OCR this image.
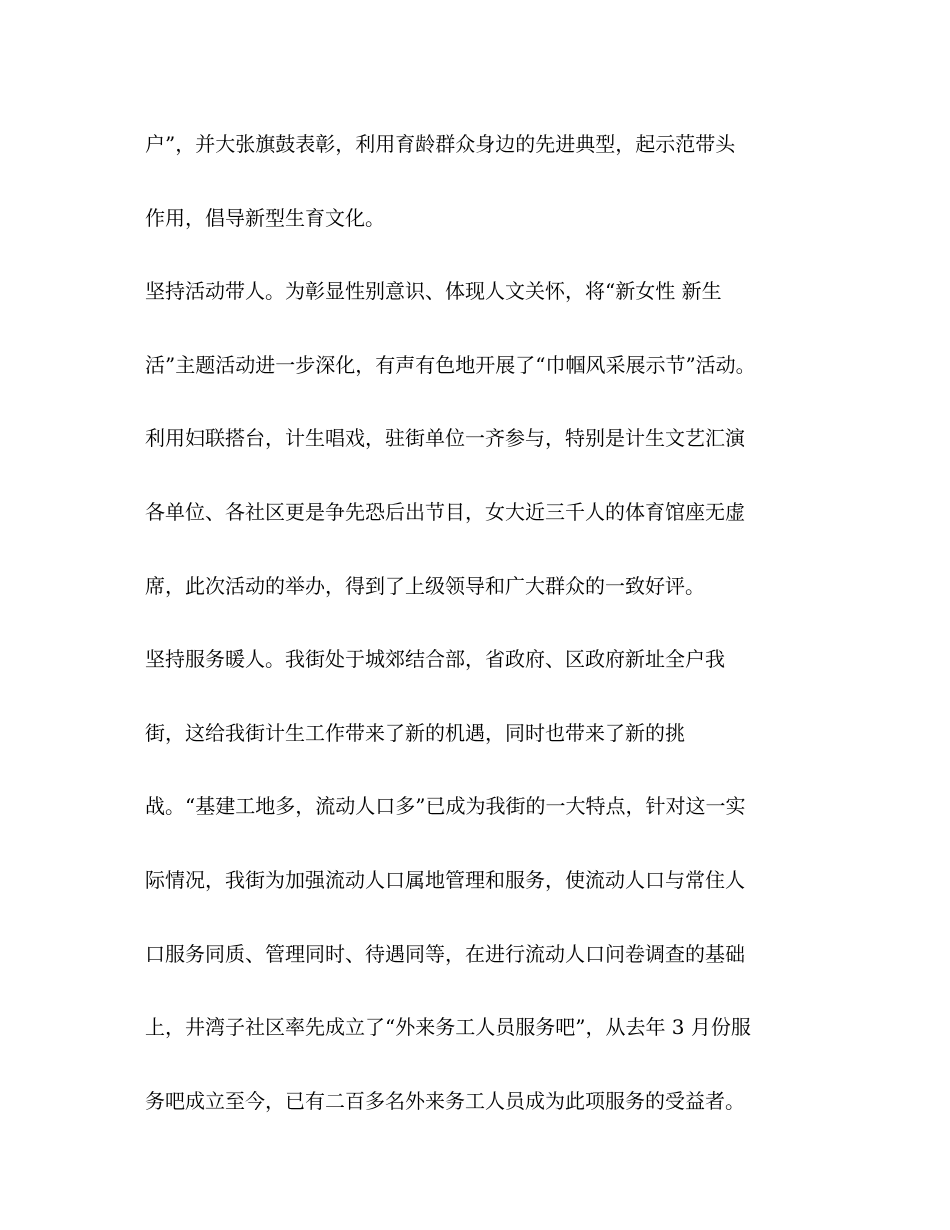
户”，并大张旗鼓表彰，利用育龄群众身边的先进典型，起示范带头
作用，倡导新型生育文化。
坚持活动带人。为彰显性别意识、体现人文关怀，将“新女性 新生
活”主题活动进一步深化，有声有色地开展了“巾帼风采展示节”活动。
利用妇联搭台，计生唱戏，驻街单位一齐参与，特别是计生文艺汇演
各单位、各社区更是争先恐后出节目，女大近三千人的体育馆座无虚
席，此次活动的举办，得到了上级领导和广大群众的一致好评。
坚持服务暖人。我街处于城郊结合部，省政府、区政府新址全户我
街，这给我街计生工作带来了新的机遇，同时也带来了新的挑
战。“基建工地多，流动人口多”已成为我街的一大特点，针对这一实
际情况，我街为加强流动人口属地管理和服务，使流动人口与常住人
口服务同质、管理同时、待遇同等，在进行流动人口问卷调查的基础
上，井湾子社区率先成立了“外来务工人员服务吧”，从去年 3 月份服
务吧成立至今，已有二百多名外来务工人员成为此项服务的受益者。
